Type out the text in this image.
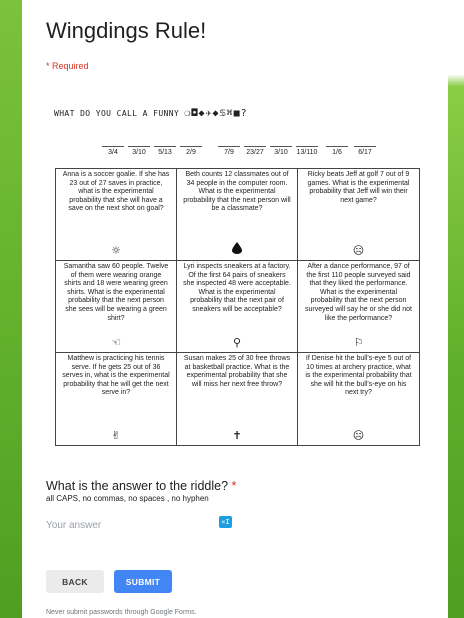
Wingdings Rule!
* Required
WHAT DO YOU CALL A FUNNY ❍◘◆✈◆♋⌘■?
3/4	3/10	5/13	2/9	7/9	23/27	3/10	13/110	1/6	6/17
Anna is a soccer goalie. If she has 23 out of 27 saves in practice, what is the experimental probability that she will have a save on the next shot on goal?
☼
Beth counts 12 classmates out of 34 people in the computer room. What is the experimental probability that the next person will be a classmate?
Ricky beats Jeff at golf 7 out of 9 games. What is the experimental probability that Jeff will win their next game?
☹
Samantha saw 60 people. Twelve of them were wearing orange shirts and 18 were wearing green shirts. What is the experimental probability that the next person she sees will be wearing a green shirt?
☜
Lyri inspects sneakers at a factory. Of the first 64 pairs of sneakers she inspected 48 were acceptable. What is the experimental probability that the next pair of sneakers will be acceptable?
⚲
After a dance performance, 97 of the first 110 people surveyed said that they liked the performance. What is the experimental probability that the next person surveyed will say he or she did not like the performance?
⚐
Matthew is practicing his tennis serve. If he gets 25 out of 36 serves in, what is the experimental probability that he will get the next serve in?
✌
Susan makes 25 of 30 free throws at basketball practice. What is the experimental probability that she will miss her next free throw?
✝
If Denise hit the bull's-eye 5 out of 10 times at archery practice, what is the experimental probability that she will hit the bull's-eye on his next try?
☹
What is the answer to the riddle? *
all CAPS, no commas, no spaces , no hyphen
Your answer
«I
BACK	SUBMIT
Never submit passwords through Google Forms.
